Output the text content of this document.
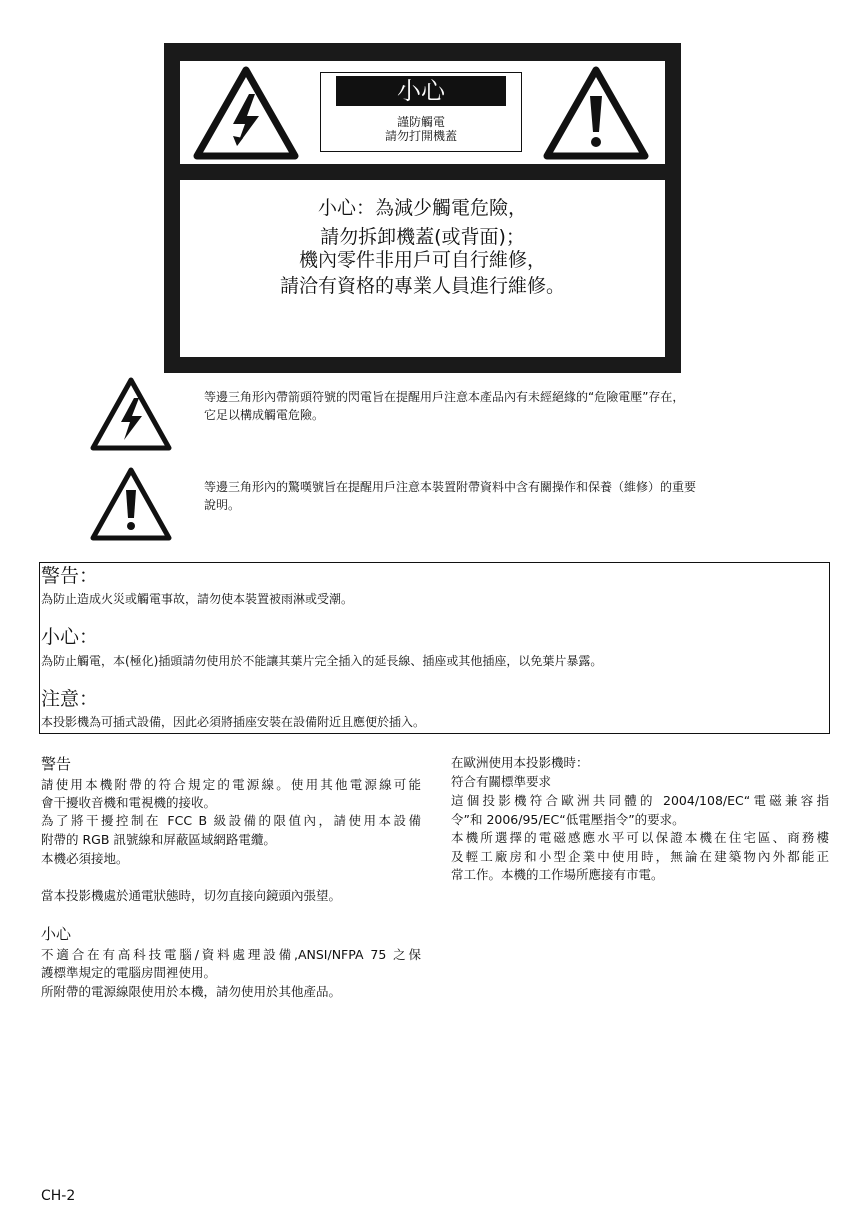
小心
謹防觸電
請勿打開機蓋
小心：為減少觸電危險，
請勿拆卸機蓋(或背面)；
機內零件非用戶可自行維修，
請洽有資格的專業人員進行維修。
等邊三角形內帶箭頭符號的閃電旨在提醒用戶注意本產品內有未經絕緣的“危險電壓”存在，
它足以構成觸電危險。
等邊三角形內的驚嘆號旨在提醒用戶注意本裝置附帶資料中含有關操作和保養（維修）的重要
說明。
警告：
為防止造成火災或觸電事故，請勿使本裝置被雨淋或受潮。
小心：
為防止觸電，本(極化)插頭請勿使用於不能讓其葉片完全插入的延長線、插座或其他插座，以免葉片暴露。
注意：
本投影機為可插式設備，因此必須將插座安裝在設備附近且應便於插入。
警告
請使用本機附帶的符合規定的電源線。使用其他電源線可能
會干擾收音機和電視機的接收。
為了將干擾控制在 FCC B 級設備的限值內，請使用本設備
附帶的 RGB 訊號線和屏蔽區域網路電纜。
本機必須接地。
當本投影機處於通電狀態時，切勿直接向鏡頭內張望。
小心
不適合在有高科技電腦/資料處理設備,ANSI/NFPA 75 之保
護標準規定的電腦房間裡使用。
所附帶的電源線限使用於本機，請勿使用於其他產品。
在歐洲使用本投影機時：
符合有關標準要求
這個投影機符合歐洲共同體的 2004/108/EC“電磁兼容指
令”和 2006/95/EC“低電壓指令”的要求。
本機所選擇的電磁感應水平可以保證本機在住宅區、商務樓
及輕工廠房和小型企業中使用時，無論在建築物內外都能正
常工作。本機的工作場所應接有市電。
CH-2
